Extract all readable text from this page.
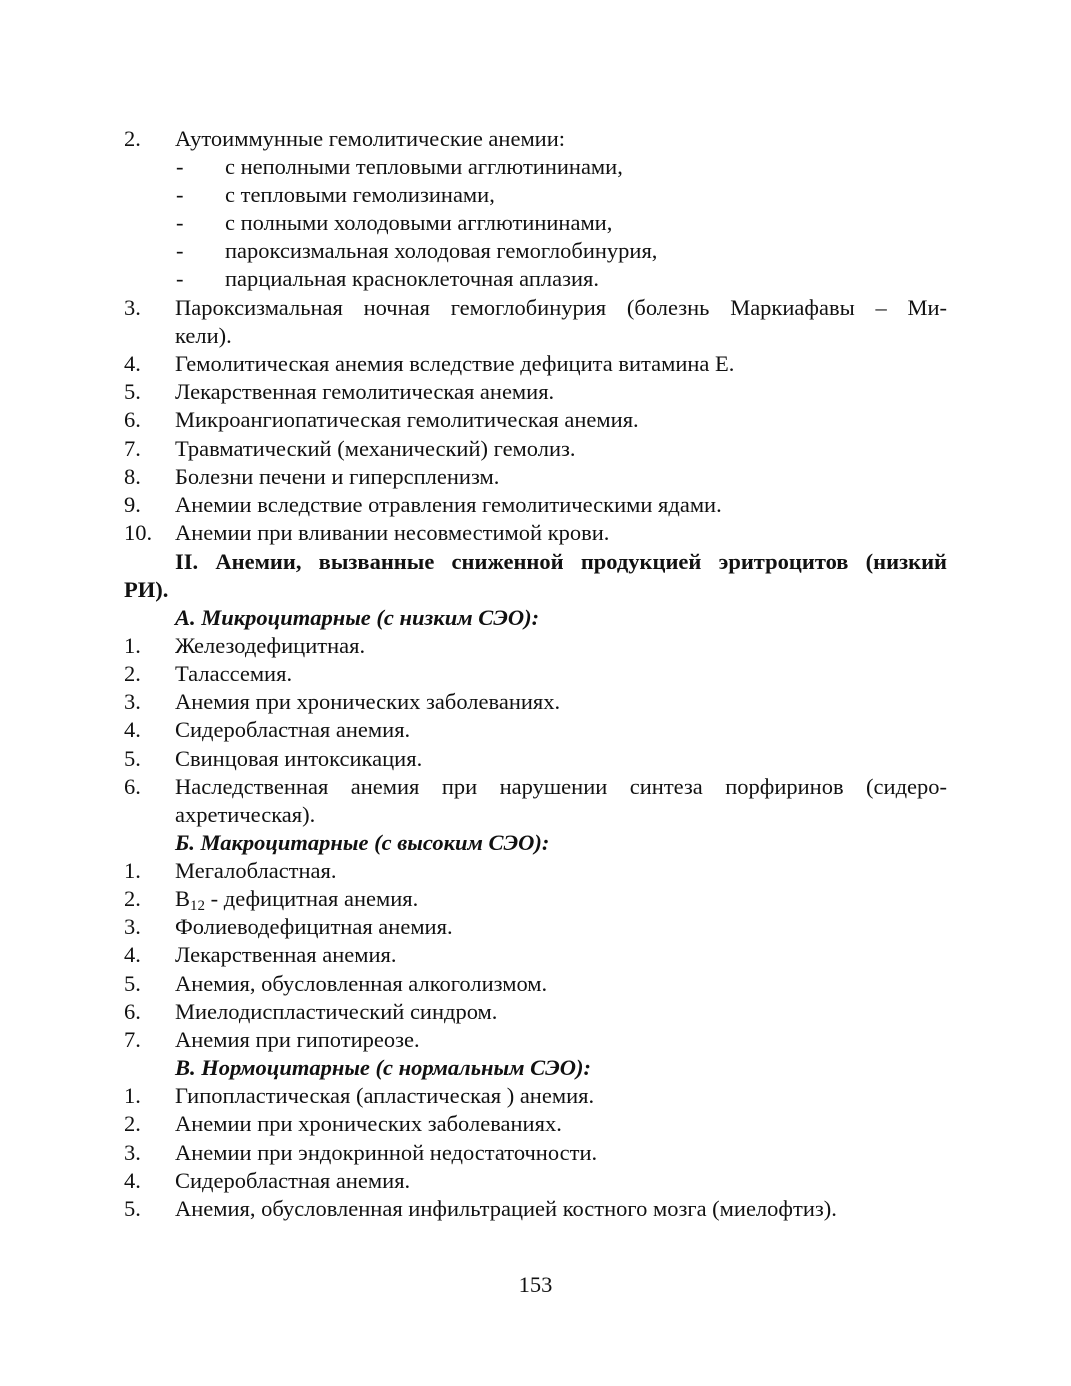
2. Аутоиммунные гемолитические анемии:
- с неполными тепловыми агглютининами,
- с тепловыми гемолизинами,
- с полными холодовыми агглютининами,
- пароксизмальная холодовая гемоглобинурия,
- парциальная красноклеточная аплазия.
3. Пароксизмальная ночная гемоглобинурия (болезнь Маркиафавы – Ми-
кели).
4. Гемолитическая анемия вследствие дефицита витамина Е.
5. Лекарственная гемолитическая анемия.
6. Микроангиопатическая гемолитическая анемия.
7. Травматический (механический) гемолиз.
8. Болезни печени и гиперспленизм.
9. Анемии вследствие отравления гемолитическими ядами.
10. Анемии при вливании несовместимой крови.
II. Анемии, вызванные сниженной продукцией эритроцитов (низкий
РИ).
А. Микроцитарные (с низким СЭО):
1. Железодефицитная.
2. Талассемия.
3. Анемия при хронических заболеваниях.
4. Сидеробластная анемия.
5. Свинцовая интоксикация.
6. Наследственная анемия при нарушении синтеза порфиринов (сидеро-
ахретическая).
Б. Макроцитарные (с высоким СЭО):
1. Мегалобластная.
2. $В_{12}$ - дефицитная анемия.
3. Фолиеводефицитная анемия.
4. Лекарственная анемия.
5. Анемия, обусловленная алкоголизмом.
6. Миелодиспластический синдром.
7. Анемия при гипотиреозе.
В. Нормоцитарные (с нормальным СЭО):
1. Гипопластическая (апластическая ) анемия.
2. Анемии при хронических заболеваниях.
3. Анемии при эндокринной недостаточности.
4. Сидеробластная анемия.
5. Анемия, обусловленная инфильтрацией костного мозга (миелофтиз).
153
